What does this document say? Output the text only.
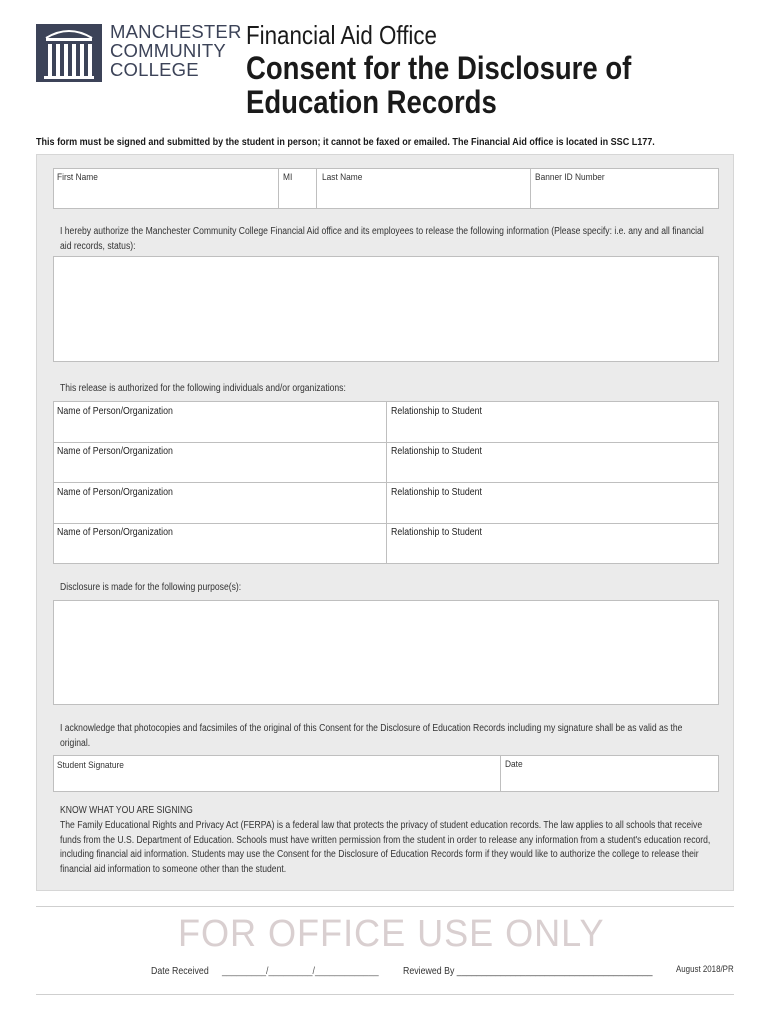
MANCHESTER
COMMUNITY
COLLEGE
Financial Aid Office
Consent for the Disclosure of
Education Records
This form must be signed and submitted by the student in person; it cannot be faxed or emailed. The Financial Aid office is located in SSC L177.
First Name	MI	Last Name	Banner ID Number
I hereby authorize the Manchester Community College Financial Aid office and its employees to release the following information (Please specify: i.e. any and all financial aid records, status):
This release is authorized for the following individuals and/or organizations:
Name of Person/Organization	Relationship to Student
Name of Person/Organization	Relationship to Student
Name of Person/Organization	Relationship to Student
Name of Person/Organization	Relationship to Student
Disclosure is made for the following purpose(s):
I acknowledge that photocopies and facsimiles of the original of this Consent for the Disclosure of Education Records including my signature shall be as valid as the original.
Student Signature	Date
KNOW WHAT YOU ARE SIGNING
The Family Educational Rights and Privacy Act (FERPA) is a federal law that protects the privacy of student education records. The law applies to all schools that receive funds from the U.S. Department of Education. Schools must have written permission from the student in order to release any information from a student's education record, including financial aid information. Students may use the Consent for the Disclosure of Education Records form if they would like to authorize the college to release their financial aid information to someone other than the student.
FOR OFFICE USE ONLY
Date Received _________/_________/_____________ Reviewed By ________________________________________	August 2018/PR
